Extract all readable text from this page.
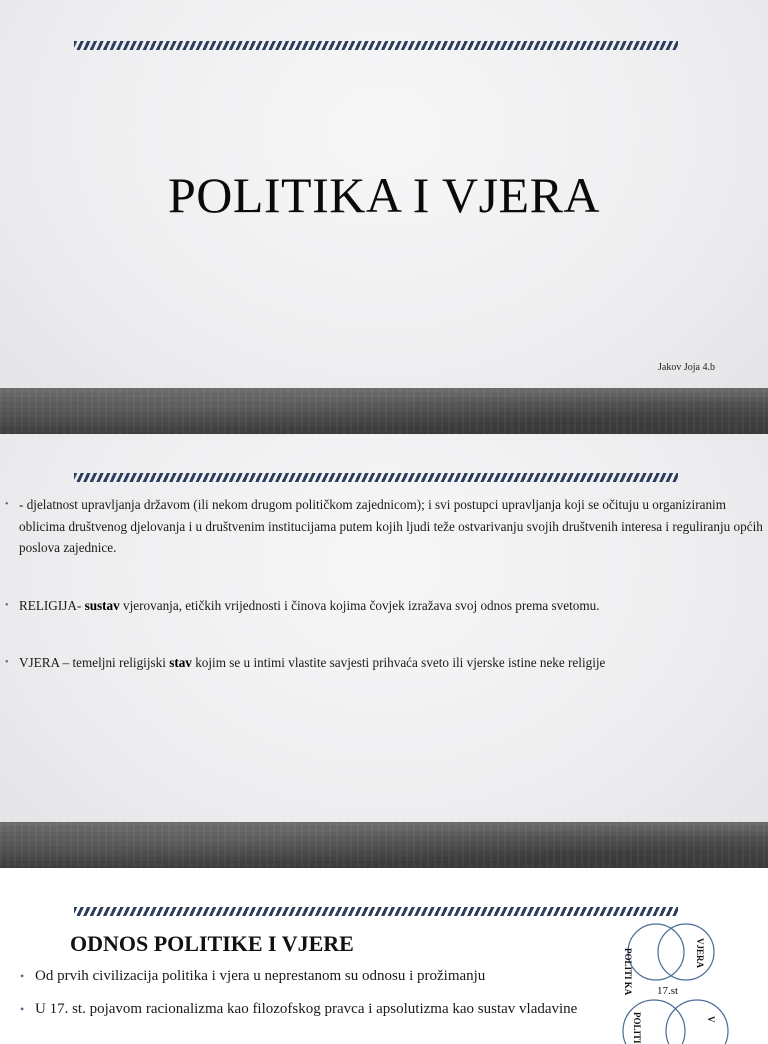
POLITIKA I VJERA
Jakov Joja 4.b
• - djelatnost upravljanja državom (ili nekom drugom političkom zajednicom); i svi postupci upravljanja koji se očituju u organiziranim oblicima društvenog djelovanja i u društvenim institucijama putem kojih ljudi teže ostvarivanju svojih društvenih interesa i reguliranju općih poslova zajednice.
• RELIGIJA- sustav vjerovanja, etičkih vrijednosti i činova kojima čovjek izražava svoj odnos prema svetomu.
• VJERA – temeljni religijski stav kojim se u intimi vlastite savjesti prihvaća sveto ili vjerske istine neke religije
ODNOS POLITIKE I VJERE
• Od prvih civilizacija politika i vjera u neprestanom su odnosu i prožimanju
• U 17. st. pojavom racionalizma kao filozofskog pravca i apsolutizma kao sustav vladavine
POLITI KA	VJERA
17.st
POLITI	V
